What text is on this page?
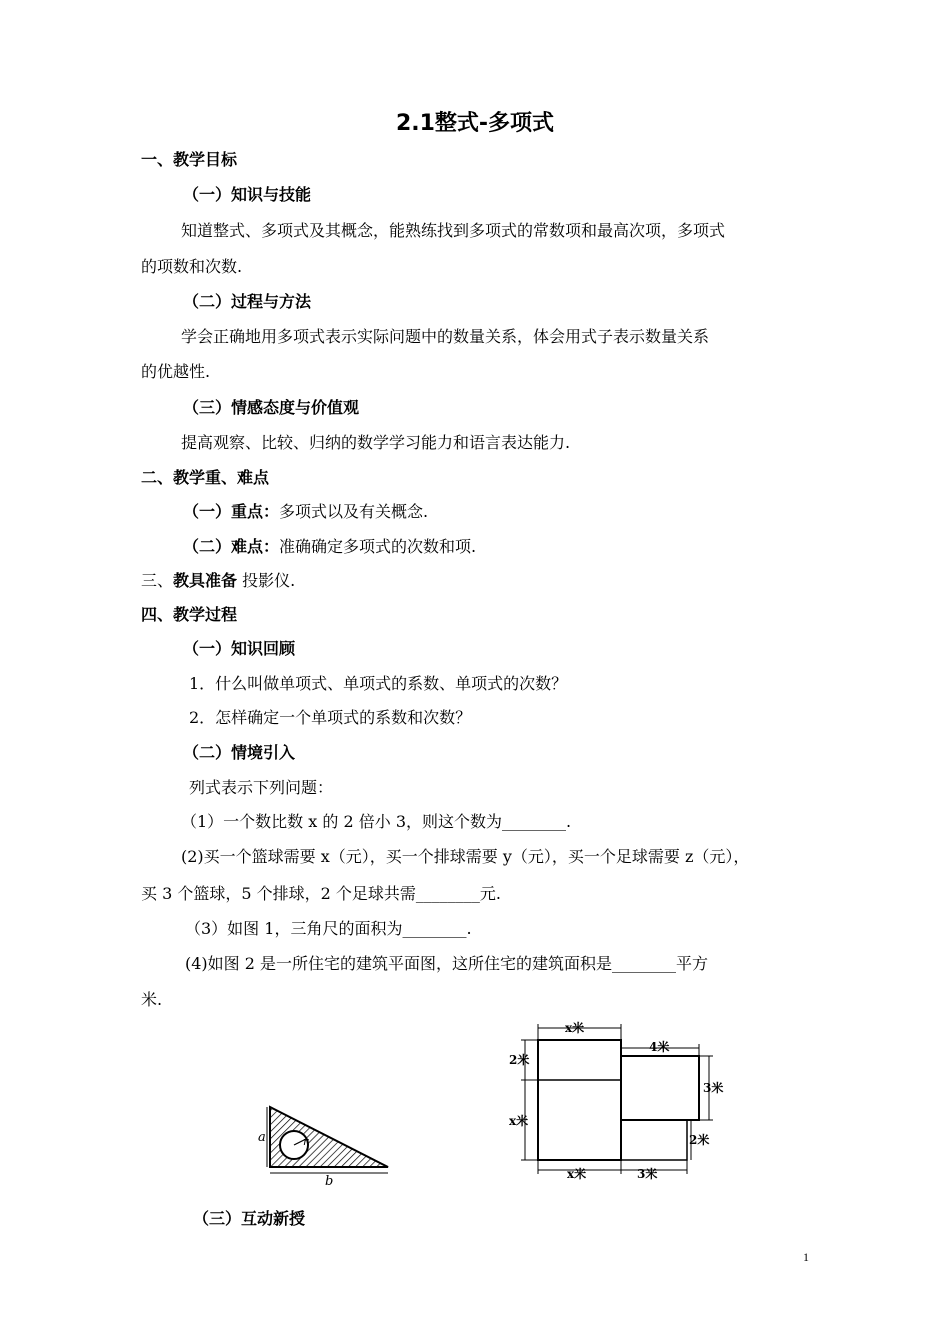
2.1整式-多项式
一、教学目标
（一）知识与技能
知道整式、多项式及其概念，能熟练找到多项式的常数项和最高次项，多项式
的项数和次数.
（二）过程与方法
学会正确地用多项式表示实际问题中的数量关系，体会用式子表示数量关系
的优越性.
（三）情感态度与价值观
提高观察、比较、归纳的数学学习能力和语言表达能力.
二、教学重、难点
（一）重点：多项式以及有关概念.
（二）难点：准确确定多项式的次数和项.
三、教具准备 投影仪.
四、教学过程
（一）知识回顾
1．什么叫做单项式、单项式的系数、单项式的次数？
2．怎样确定一个单项式的系数和次数？
（二）情境引入
列式表示下列问题：
（1）一个数比数 x 的 2 倍小 3，则这个数为________.
(2)买一个篮球需要 x（元），买一个排球需要 y（元），买一个足球需要 z（元），
买 3 个篮球，5 个排球，2 个足球共需________元.
（3）如图 1，三角尺的面积为________.
(4)如图 2 是一所住宅的建筑平面图，这所住宅的建筑面积是________平方
米.
a	r
b
x米
4米
2米
x米
3米
2米
x米	3米
（三）互动新授
1
